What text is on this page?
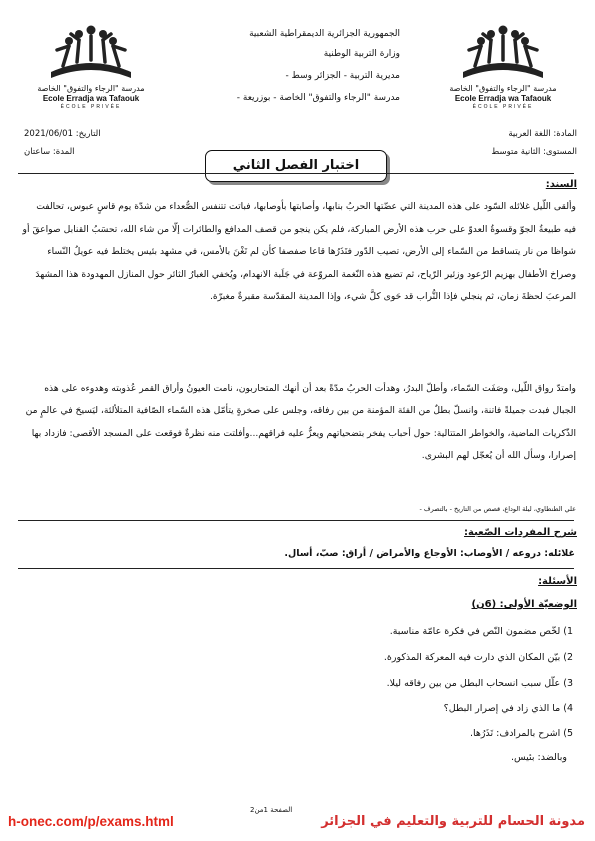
مدرسة "الرجاء والتفوق" الخاصة
Ecole Erradja wa Tafaouk
ÉCOLE PRIVÉE
مدرسة "الرجاء والتفوق" الخاصة
Ecole Erradja wa Tafaouk
ÉCOLE PRIVÉE
الجمهورية الجزائرية الديمقراطية الشعبية
وزارة التربية الوطنية
مديرية التربية - الجزائر وسط -
مدرسة "الرجاء والتفوق" الخاصة - بوزريعة -
المادة: اللغة العربية
المستوى: الثانية متوسط
التاريخ: 2021/06/01
المدة: ساعتان
اختبار الفصل الثاني
السند:

وألقى اللّيل غلائله السّود على هذه المدينة التي عضّتها الحربُ بنابها، وأصابتها بأوصابها، فباتت تتنفس الصُّعداء من شدّة يوم قاسٍ عبوس، تحالفت فيه طبيعةُ الجوّ وقسوةُ العدوّ على حرب هذه الأرض المباركة، فلم يكن ينجو من قصف المدافع والطائرات إلّا من شاء الله، تحسَبُ القنابل صواعقَ أو شواظا من نار يتساقط من السّماء إلى الأرض، تصيب الدّور فتَذَرُها قاعا صفصفا كأن لم تَغْنَ بالأمس، في مشهد بئيس يختلط فيه عويلُ النّساء وصراخ الأطفال بهزيم الرّعود وزئير الرّياح، ثم تضيع هذه النّغمة المروّعة في جَلَبة الانهدام، ويُخفي الغبارُ الثائر حول المنازل المهدودة هذا المشهدَ المرعبَ لحظةَ زمان، ثم ينجلي فإذا التُّراب قد حَوى كلَّ شيء، وإذا المدينة المقدّسة مقبرةٌ مغبرّة.

وامتدّ رواق اللّيل، وصَفَت السّماء، وأطلّ البدرُ، وهدأت الحربُ مدّةً بعد أن أنهك المتحاربون، نامت العيونُ وأراق القمر عُذوبته وهدوءه على هذه الجبال فبدت جميلةً فاتنة، وانسلّ بطلٌ من الفئة المؤمنة من بين رفاقه، وجلس على صخرةٍ يتأمّل هذه السّماء الصّافية المتلألئة، ليَسيحَ في عالمٍ من الذّكريات الماضية، والخواطر المتتالية: حول أحباب يفخر بتضحياتهم ويعزُّ عليه فراقهم...وأفلتت منه نظرةٌ فوقعت على المسجد الأقصى: فازداد بها إصرارا، وسأل الله أن يُعجّل لهم البشرى.

علي الطنطاوي، ليلة الوداع، قصص من التاريخ - بالتصرف -
شرح المفردات الصّعبة:
غلائله: دروعه / الأوصاب: الأوجاع والأمراض / أراق: صبّ، أسال.
الأسئلة:
الوضعيّة الأولى: (6ن)
1) لخّص مضمون النّص في فكرة عامّة مناسبة.
2) بيّن المكان الذي دارت فيه المعركة المذكورة.
3) علّل سبب انسحاب البطل من بين رفاقه ليلا.
4) ما الذي زاد في إصرار البطل؟
5) اشرح بالمرادف: تَذَرُها.
وبالضد: بئيس.
الصفحة 1من2
h-onec.com/p/exams.html	مدونة الحسام للتربية والتعليم في الجزائر
